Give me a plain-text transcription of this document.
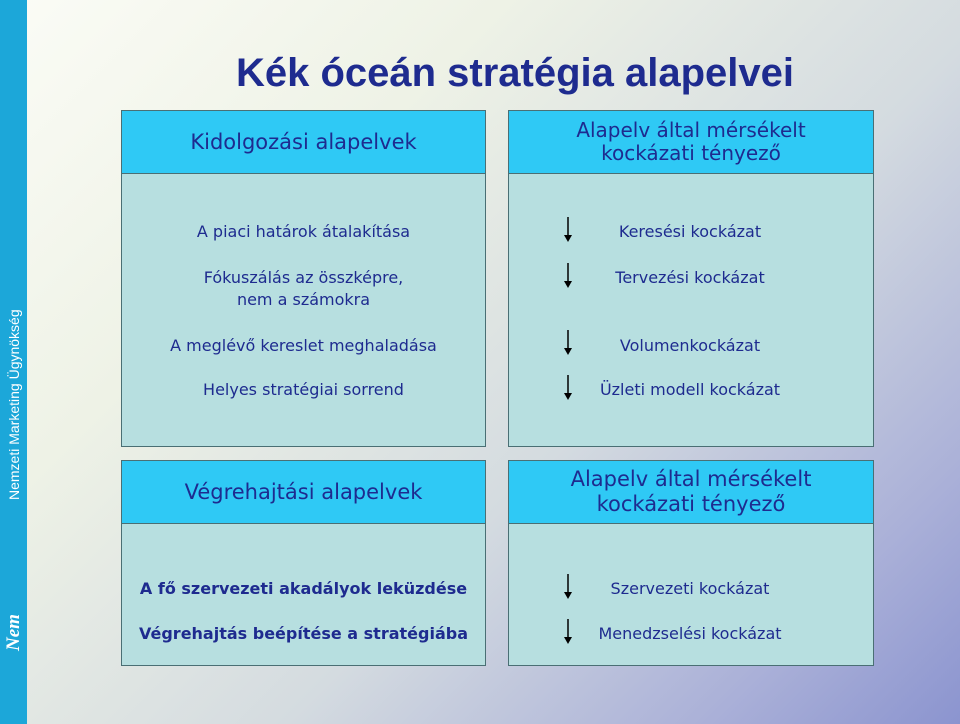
Nemzeti Marketing Ügynökség
Nem
Kék óceán stratégia alapelvei
Kidolgozási alapelvek
A piaci határok átalakítása
Fókuszálás az összképre,
nem a számokra
A meglévő kereslet meghaladása
Helyes stratégiai sorrend
Alapelv által mérsékelt
kockázati tényező
Keresési kockázat
Tervezési kockázat
Volumenkockázat
Üzleti modell kockázat
Végrehajtási alapelvek
A fő szervezeti akadályok leküzdése
Végrehajtás beépítése a stratégiába
Alapelv által mérsékelt
kockázati tényező
Szervezeti kockázat
Menedzselési kockázat
